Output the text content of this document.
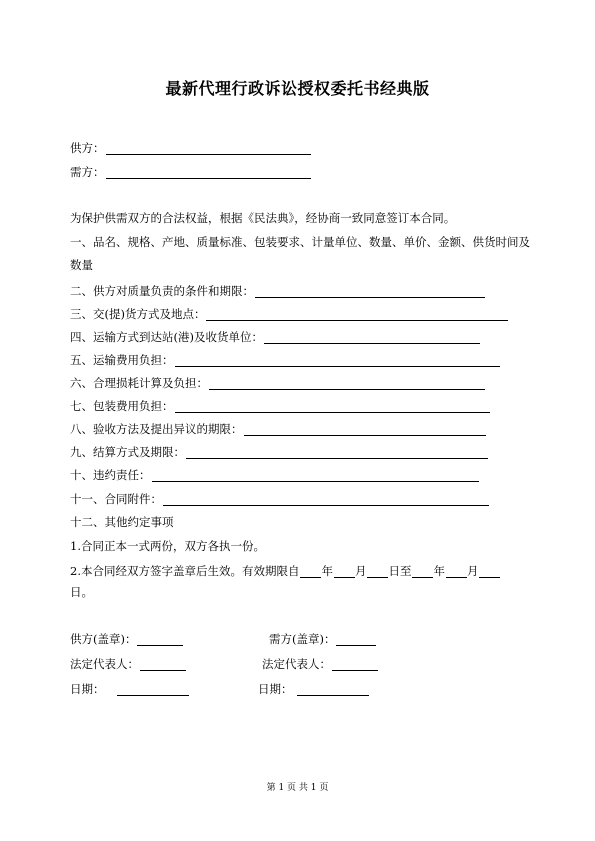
最新代理行政诉讼授权委托书经典版
供方：
需方：
为保护供需双方的合法权益，根据《民法典》，经协商一致同意签订本合同。
一、品名、规格、产地、质量标准、包装要求、计量单位、数量、单价、金额、供货时间及数量
二、供方对质量负责的条件和期限：
三、交(提)货方式及地点：
四、运输方式到达站(港)及收货单位：
五、运输费用负担：
六、合理损耗计算及负担：
七、包装费用负担：
八、验收方法及提出异议的期限：
九、结算方式及期限：
十、违约责任：
十一、合同附件：
十二、其他约定事项
1.合同正本一式两份，双方各执一份。
2.本合同经双方签字盖章后生效。有效期限自 年 月 日至 年 月
日。
供方(盖章)：	需方(盖章)：
法定代表人：	法定代表人：
日期：	日期：
第 1 页 共 1 页
